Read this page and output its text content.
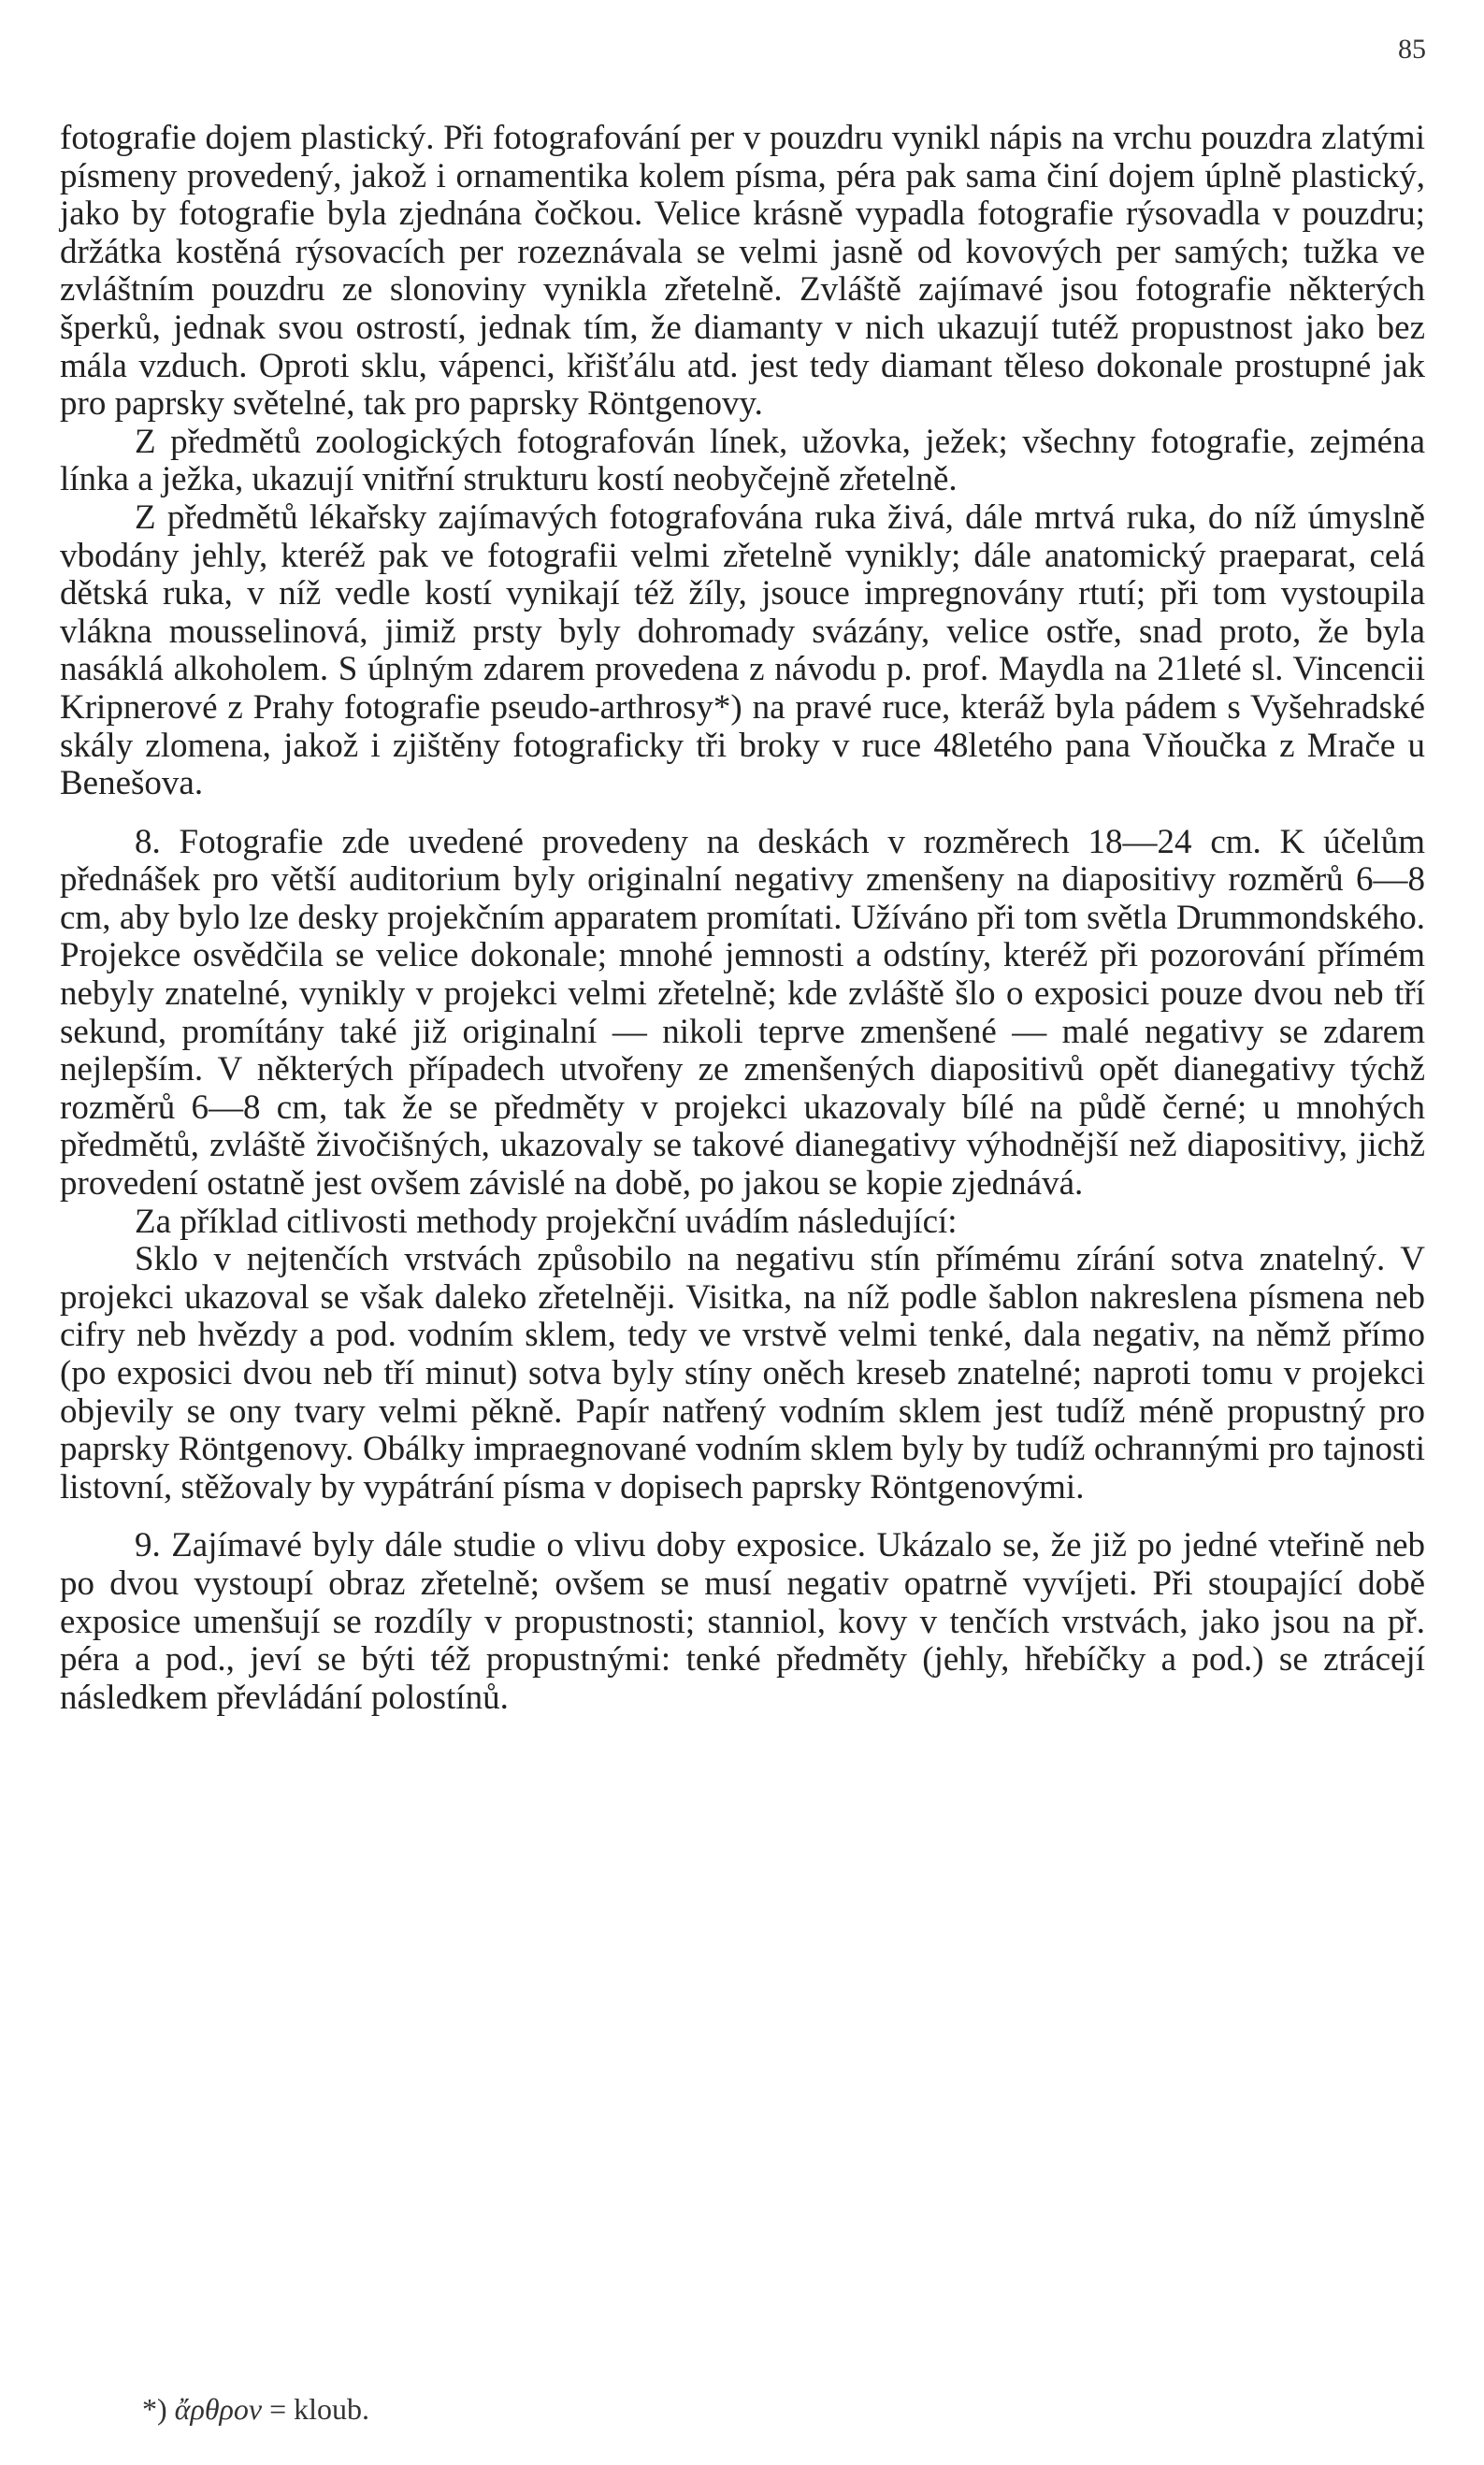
85

fotografie dojem plastický. Při fotografování per v pouzdru vynikl nápis na vrchu pouzdra zlatými písmeny provedený, jakož i ornamentika kolem písma, péra pak sama činí dojem úplně plastický, jako by fotografie byla zjednána čočkou. Velice krásně vypadla fotografie rýsovadla v pouzdru; držátka kostěná rýsovacích per rozeznávala se velmi jasně od kovových per samých; tužka ve zvláštním pouzdru ze slonoviny vynikla zřetelně. Zvláště zajímavé jsou fotografie některých šperků, jednak svou ostrostí, jednak tím, že diamanty v nich ukazují tutéž propustnost jako bez mála vzduch. Oproti sklu, vápenci, křišťálu atd. jest tedy diamant těleso dokonale prostupné jak pro paprsky světelné, tak pro paprsky Röntgenovy.

Z předmětů zoologických fotografován línek, užovka, ježek; všechny fotografie, zejména línka a ježka, ukazují vnitřní strukturu kostí neobyčejně zřetelně.

Z předmětů lékařsky zajímavých fotografována ruka živá, dále mrtvá ruka, do níž úmyslně vbodány jehly, kteréž pak ve fotografii velmi zřetelně vynikly; dále anatomický praeparat, celá dětská ruka, v níž vedle kostí vynikají též žíly, jsouce impregnovány rtutí; při tom vystoupila vlákna mousselinová, jimiž prsty byly dohromady svázány, velice ostře, snad proto, že byla nasáklá alkoholem. S úplným zdarem provedena z návodu p. prof. Maydla na 21leté sl. Vincencii Kripnerové z Prahy fotografie pseudo-arthrosy*) na pravé ruce, kteráž byla pádem s Vyšehradské skály zlomena, jakož i zjištěny fotograficky tři broky v ruce 48letého pana Vňoučka z Mrače u Benešova.

8. Fotografie zde uvedené provedeny na deskách v rozměrech 18—24 cm. K účelům přednášek pro větší auditorium byly originalní negativy zmenšeny na diapositivy rozměrů 6—8 cm, aby bylo lze desky projekčním apparatem promítati. Užíváno při tom světla Drummondského. Projekce osvědčila se velice dokonale; mnohé jemnosti a odstíny, kteréž při pozorování přímém nebyly znatelné, vynikly v projekci velmi zřetelně; kde zvláště šlo o exposici pouze dvou neb tří sekund, promítány také již originalní — nikoli teprve zmenšené — malé negativy se zdarem nejlepším. V některých případech utvořeny ze zmenšených diapositivů opět dianegativy týchž rozměrů 6—8 cm, tak že se předměty v projekci ukazovaly bílé na půdě černé; u mnohých předmětů, zvláště živočišných, ukazovaly se takové dianegativy výhodnější než diapositivy, jichž provedení ostatně jest ovšem závislé na době, po jakou se kopie zjednává.

Za příklad citlivosti methody projekční uvádím následující:

Sklo v nejtenčích vrstvách způsobilo na negativu stín přímému zírání sotva znatelný. V projekci ukazoval se však daleko zřetelněji. Visitka, na níž podle šablon nakreslena písmena neb cifry neb hvězdy a pod. vodním sklem, tedy ve vrstvě velmi tenké, dala negativ, na němž přímo (po exposici dvou neb tří minut) sotva byly stíny oněch kreseb znatelné; naproti tomu v projekci objevily se ony tvary velmi pěkně. Papír natřený vodním sklem jest tudíž méně propustný pro paprsky Röntgenovy. Obálky impraegnované vodním sklem byly by tudíž ochrannými pro tajnosti listovní, stěžovaly by vypátrání písma v dopisech paprsky Röntgenovými.

9. Zajímavé byly dále studie o vlivu doby exposice. Ukázalo se, že již po jedné vteřině neb po dvou vystoupí obraz zřetelně; ovšem se musí negativ opatrně vyvíjeti. Při stoupající době exposice umenšují se rozdíly v propustnosti; stanniol, kovy v tenčích vrstvách, jako jsou na př. péra a pod., jeví se býti též propustnými: tenké předměty (jehly, hřebíčky a pod.) se ztrácejí následkem převládání polostínů.

*) ἄρθρον = kloub.
